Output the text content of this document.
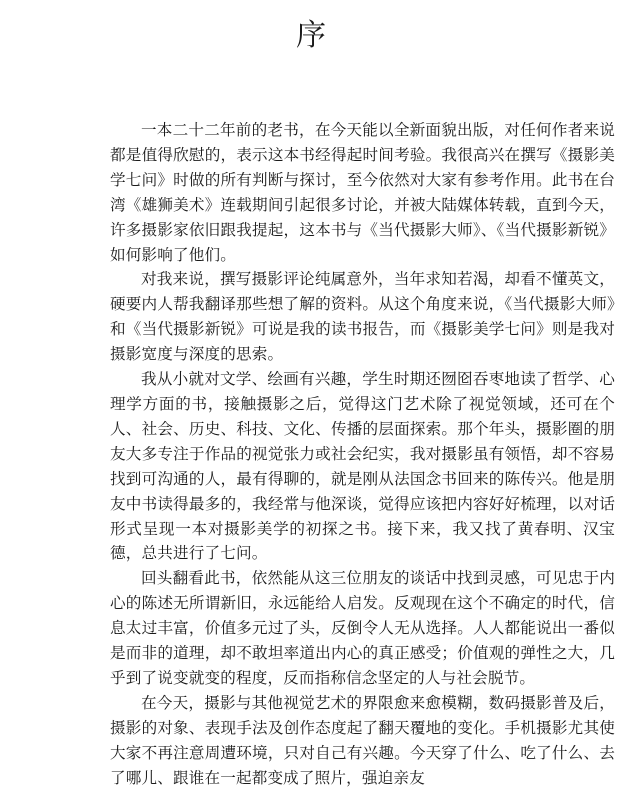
序

一本二十二年前的老书，在今天能以全新面貌出版，对任何作者来说都是值得欣慰的，表示这本书经得起时间考验。我很高兴在撰写《摄影美学七问》时做的所有判断与探讨，至今依然对大家有参考作用。此书在台湾《雄狮美术》连载期间引起很多讨论，并被大陆媒体转载，直到今天，许多摄影家依旧跟我提起，这本书与《当代摄影大师》、《当代摄影新锐》如何影响了他们。

对我来说，撰写摄影评论纯属意外，当年求知若渴，却看不懂英文，硬要内人帮我翻译那些想了解的资料。从这个角度来说，《当代摄影大师》和《当代摄影新锐》可说是我的读书报告，而《摄影美学七问》则是我对摄影宽度与深度的思索。

我从小就对文学、绘画有兴趣，学生时期还囫囵吞枣地读了哲学、心理学方面的书，接触摄影之后，觉得这门艺术除了视觉领域，还可在个人、社会、历史、科技、文化、传播的层面探索。那个年头，摄影圈的朋友大多专注于作品的视觉张力或社会纪实，我对摄影虽有领悟，却不容易找到可沟通的人，最有得聊的，就是刚从法国念书回来的陈传兴。他是朋友中书读得最多的，我经常与他深谈，觉得应该把内容好好梳理，以对话形式呈现一本对摄影美学的初探之书。接下来，我又找了黄春明、汉宝德，总共进行了七问。

回头翻看此书，依然能从这三位朋友的谈话中找到灵感，可见忠于内心的陈述无所谓新旧，永远能给人启发。反观现在这个不确定的时代，信息太过丰富，价值多元过了头，反倒令人无从选择。人人都能说出一番似是而非的道理，却不敢坦率道出内心的真正感受；价值观的弹性之大，几乎到了说变就变的程度，反而指称信念坚定的人与社会脱节。

在今天，摄影与其他视觉艺术的界限愈来愈模糊，数码摄影普及后，摄影的对象、表现手法及创作态度起了翻天覆地的变化。手机摄影尤其使大家不再注意周遭环境，只对自己有兴趣。今天穿了什么、吃了什么、去了哪儿、跟谁在一起都变成了照片，强迫亲友
